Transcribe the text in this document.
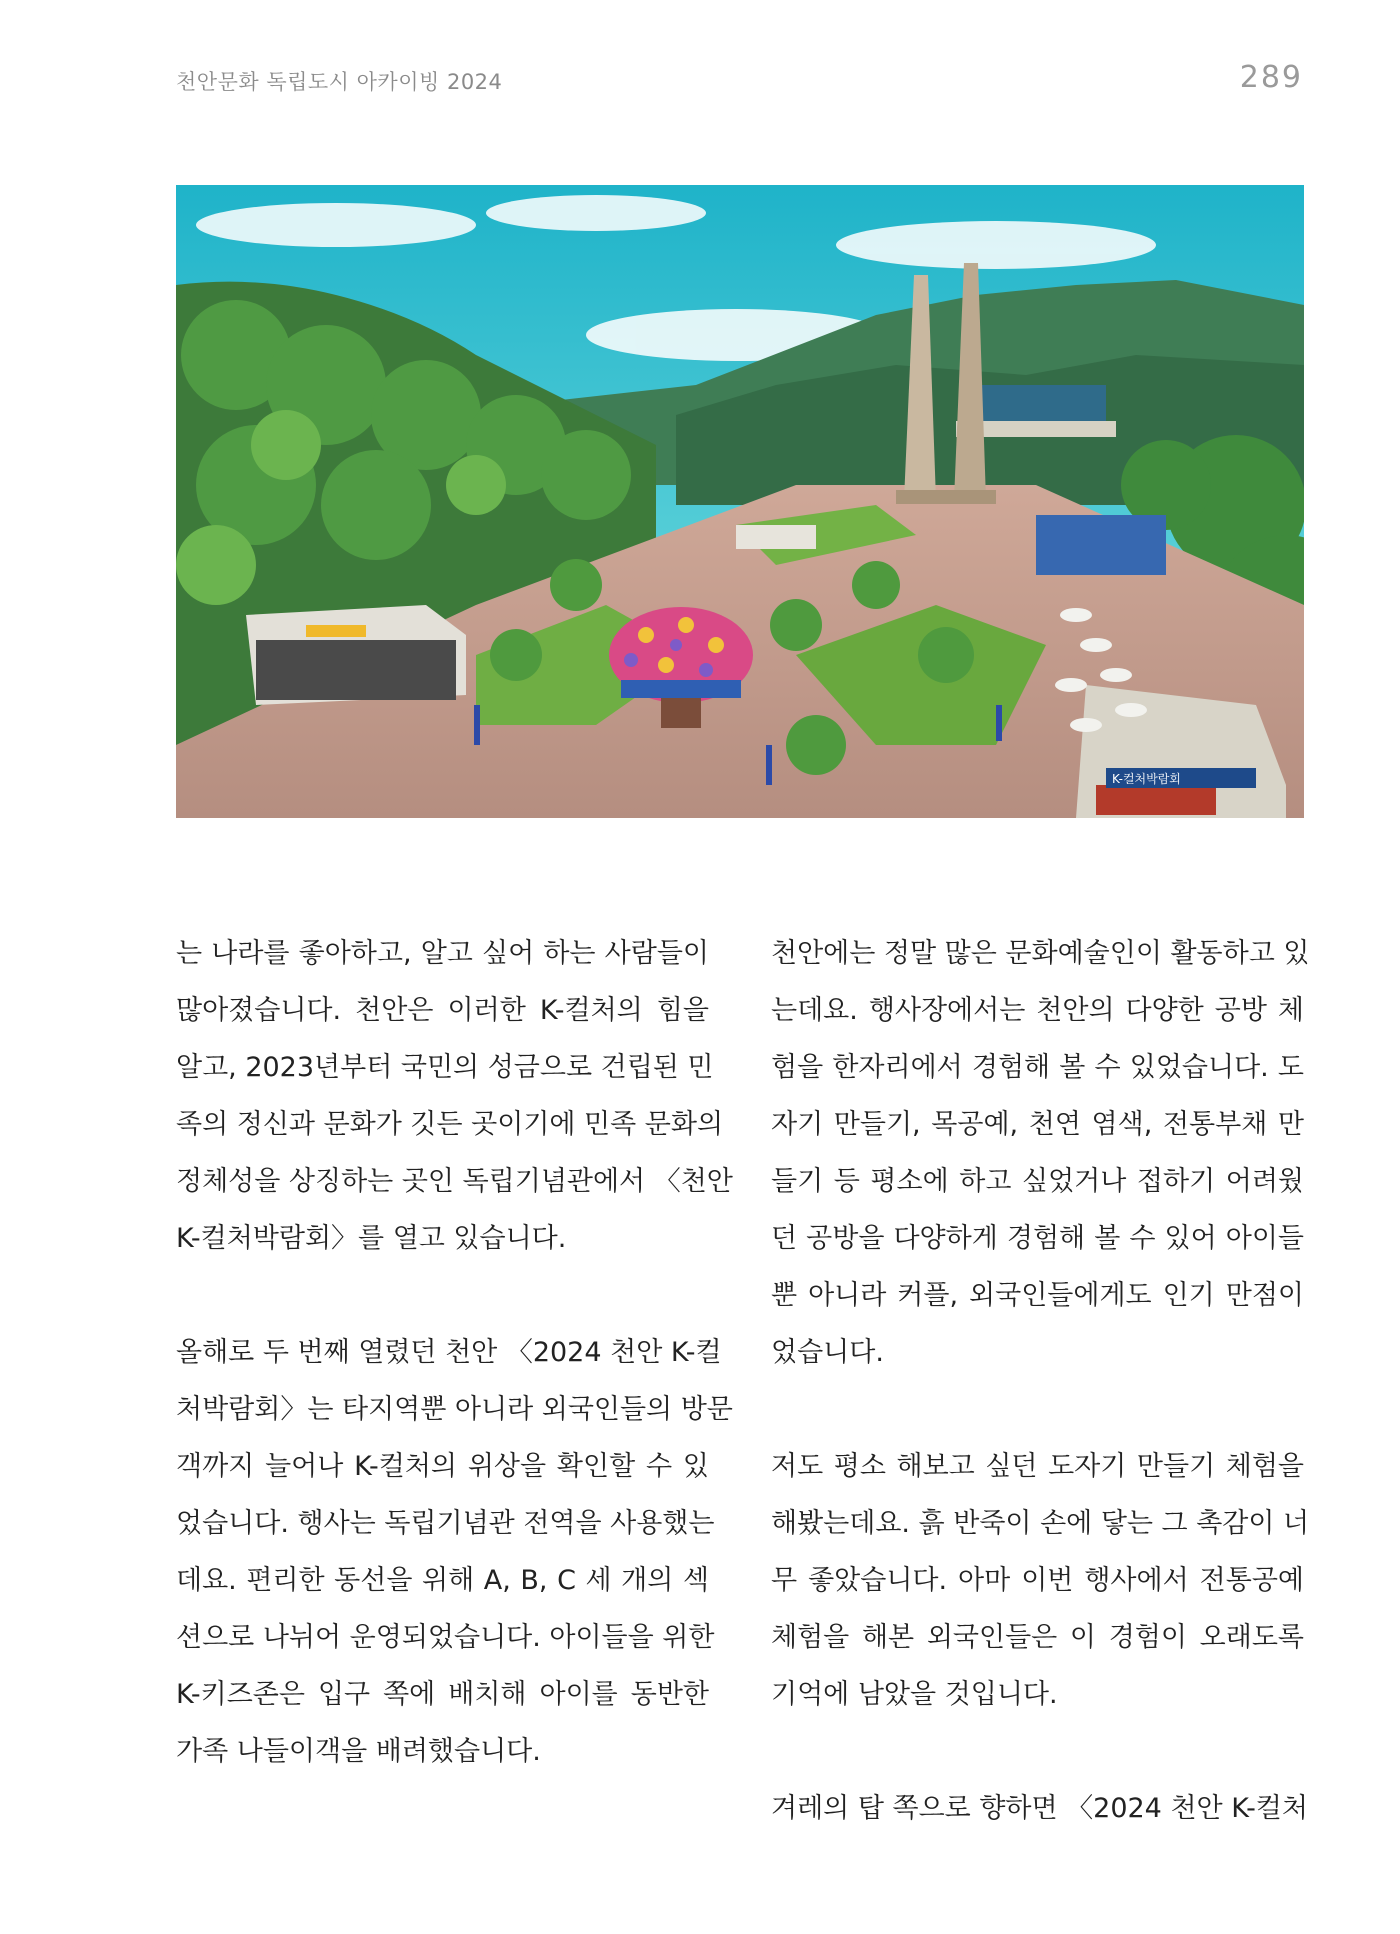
천안문화 독립도시 아카이빙 2024	289
K-컬처박람회
는 나라를 좋아하고, 알고 싶어 하는 사람들이
많아졌습니다. 천안은 이러한 K-컬처의 힘을
알고, 2023년부터 국민의 성금으로 건립된 민
족의 정신과 문화가 깃든 곳이기에 민족 문화의
정체성을 상징하는 곳인 독립기념관에서 〈천안
K-컬처박람회〉를 열고 있습니다.
올해로 두 번째 열렸던 천안 〈2024 천안 K-컬
처박람회〉는 타지역뿐 아니라 외국인들의 방문
객까지 늘어나 K-컬처의 위상을 확인할 수 있
었습니다. 행사는 독립기념관 전역을 사용했는
데요. 편리한 동선을 위해 A, B, C 세 개의 섹
션으로 나뉘어 운영되었습니다. 아이들을 위한
K-키즈존은 입구 쪽에 배치해 아이를 동반한
가족 나들이객을 배려했습니다.
천안에는 정말 많은 문화예술인이 활동하고 있
는데요. 행사장에서는 천안의 다양한 공방 체
험을 한자리에서 경험해 볼 수 있었습니다. 도
자기 만들기, 목공예, 천연 염색, 전통부채 만
들기 등 평소에 하고 싶었거나 접하기 어려웠
던 공방을 다양하게 경험해 볼 수 있어 아이들
뿐 아니라 커플, 외국인들에게도 인기 만점이
었습니다.
저도 평소 해보고 싶던 도자기 만들기 체험을
해봤는데요. 흙 반죽이 손에 닿는 그 촉감이 너
무 좋았습니다. 아마 이번 행사에서 전통공예
체험을 해본 외국인들은 이 경험이 오래도록
기억에 남았을 것입니다.
겨레의 탑 쪽으로 향하면 〈2024 천안 K-컬처
